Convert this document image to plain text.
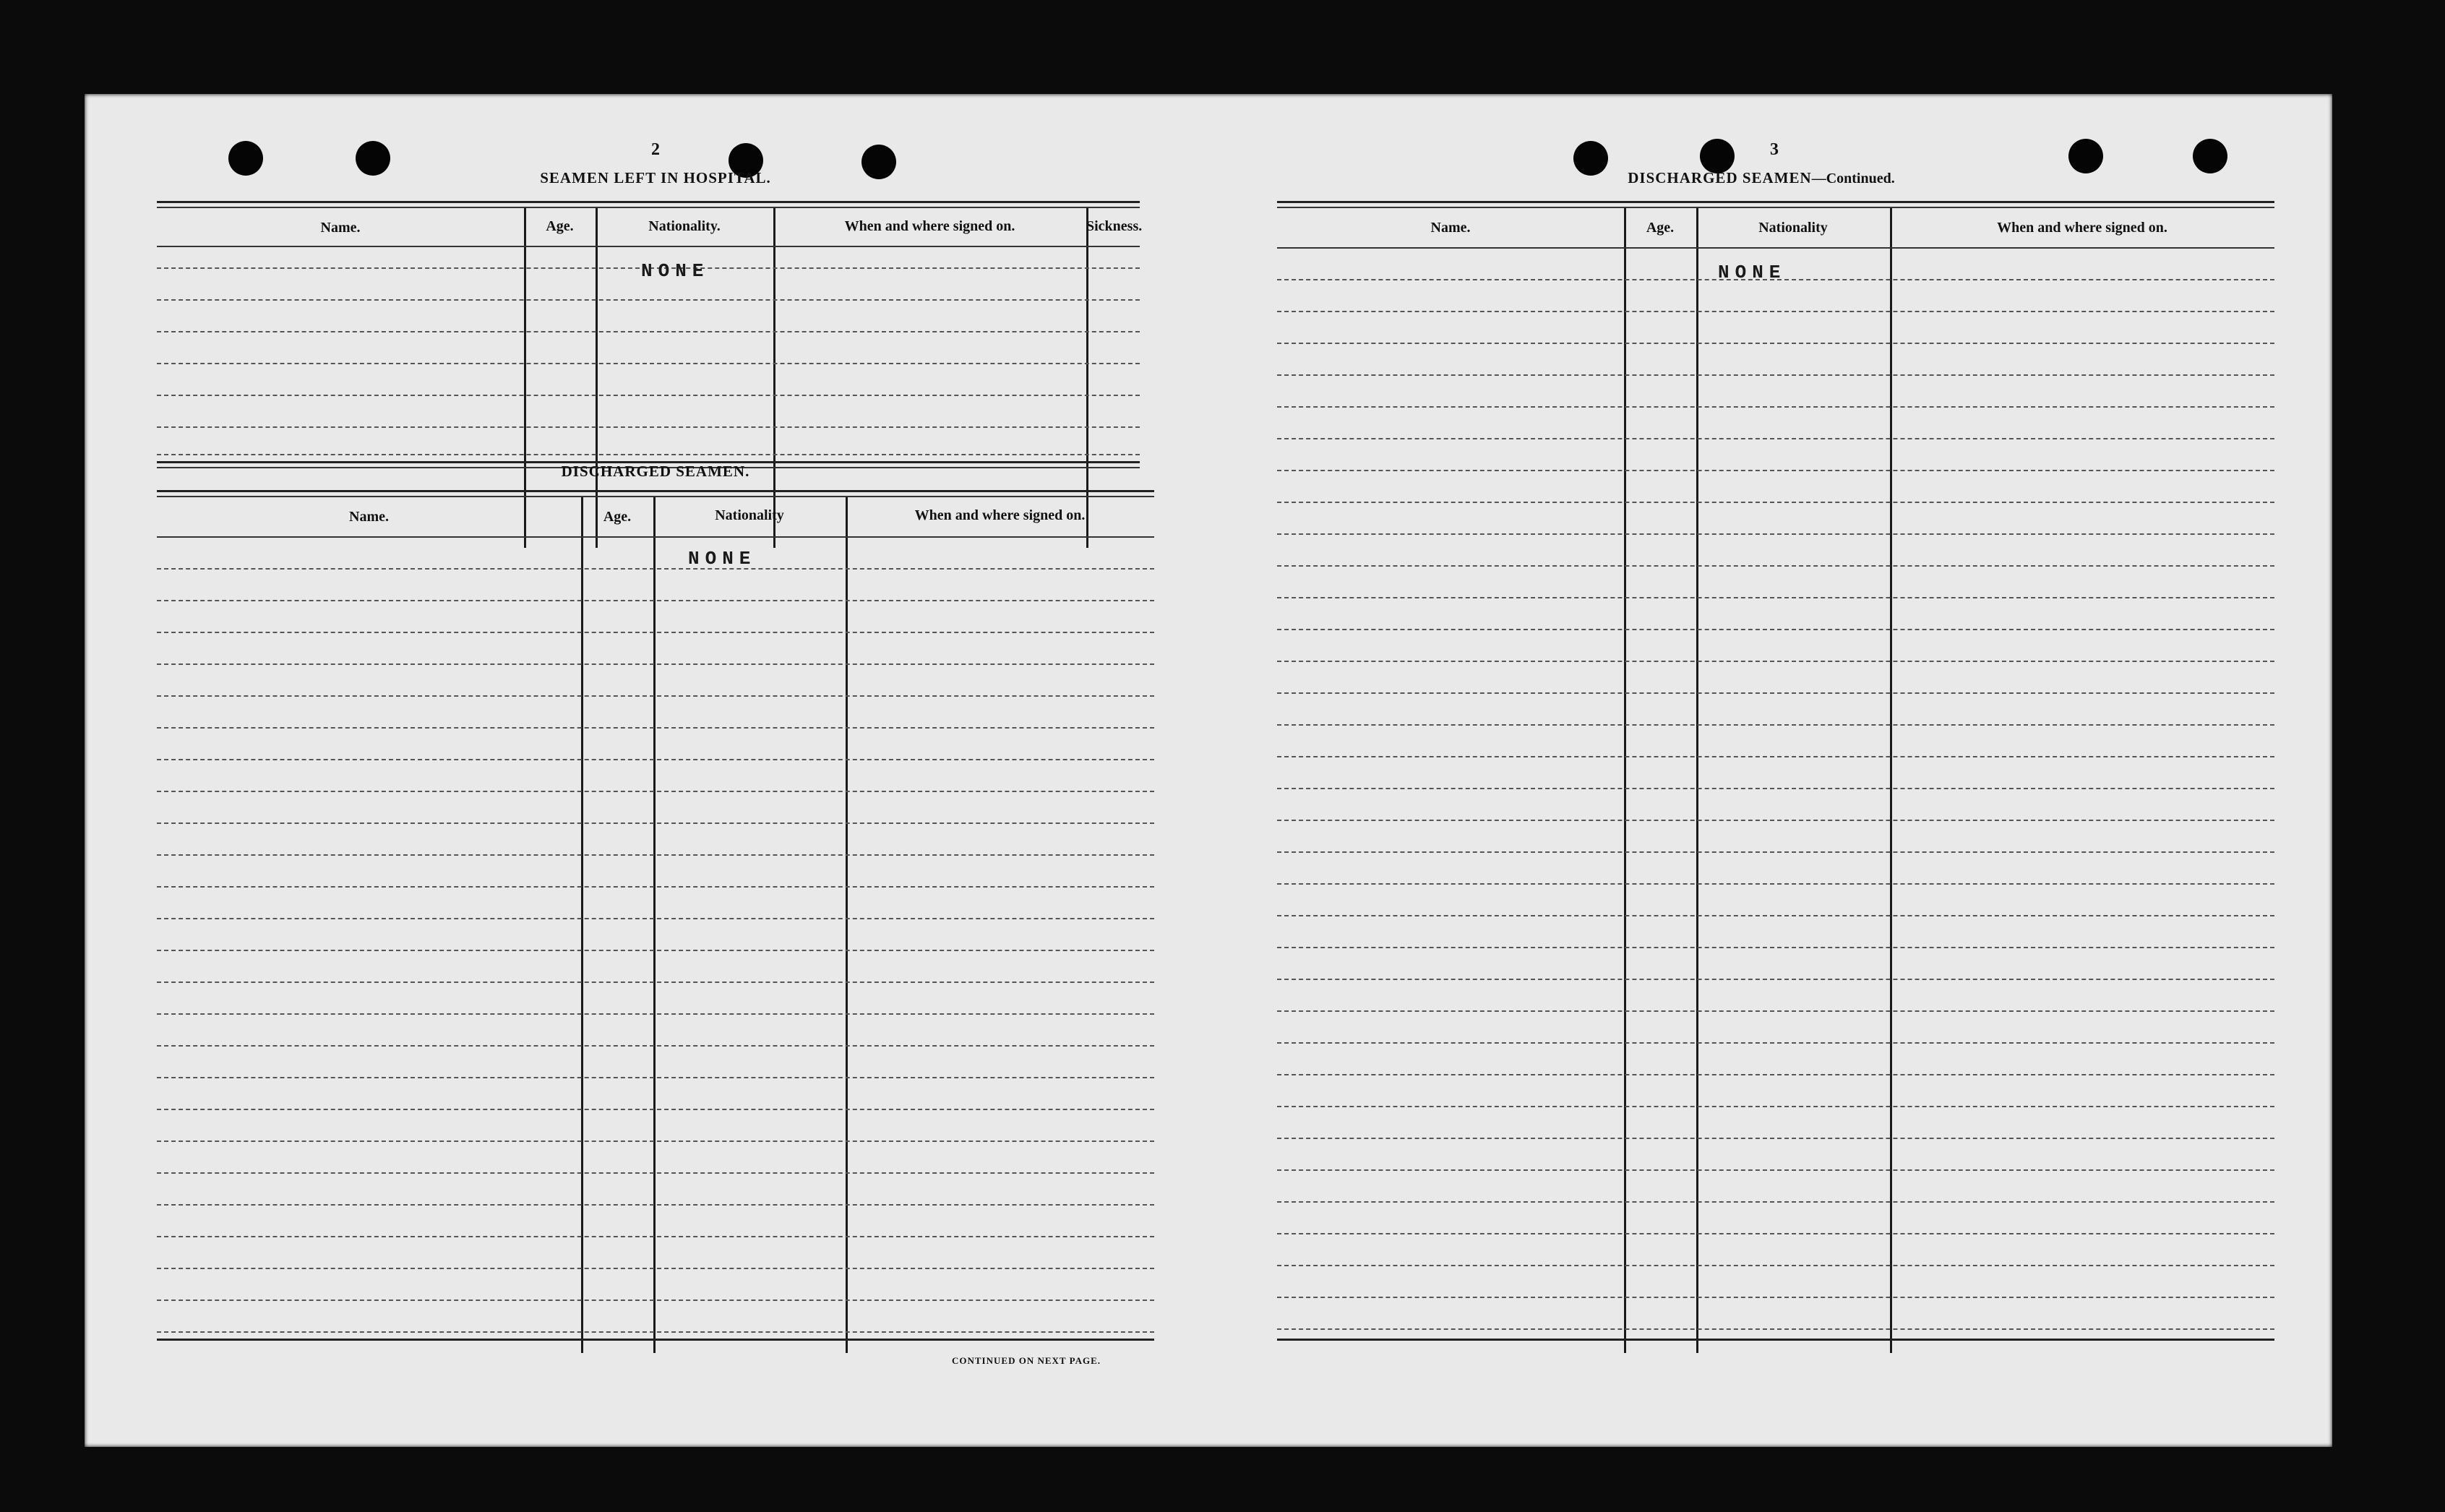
2
SEAMEN LEFT IN HOSPITAL.
Name.	Age.	Nationality.	When and where signed on.	Sickness.
NONE
DISCHARGED SEAMEN.
Name.	Age.	Nationality	When and where signed on.
NONE
CONTINUED ON NEXT PAGE.
3
DISCHARGED SEAMEN—Continued.
Name.	Age.	Nationality	When and where signed on.
NONE
